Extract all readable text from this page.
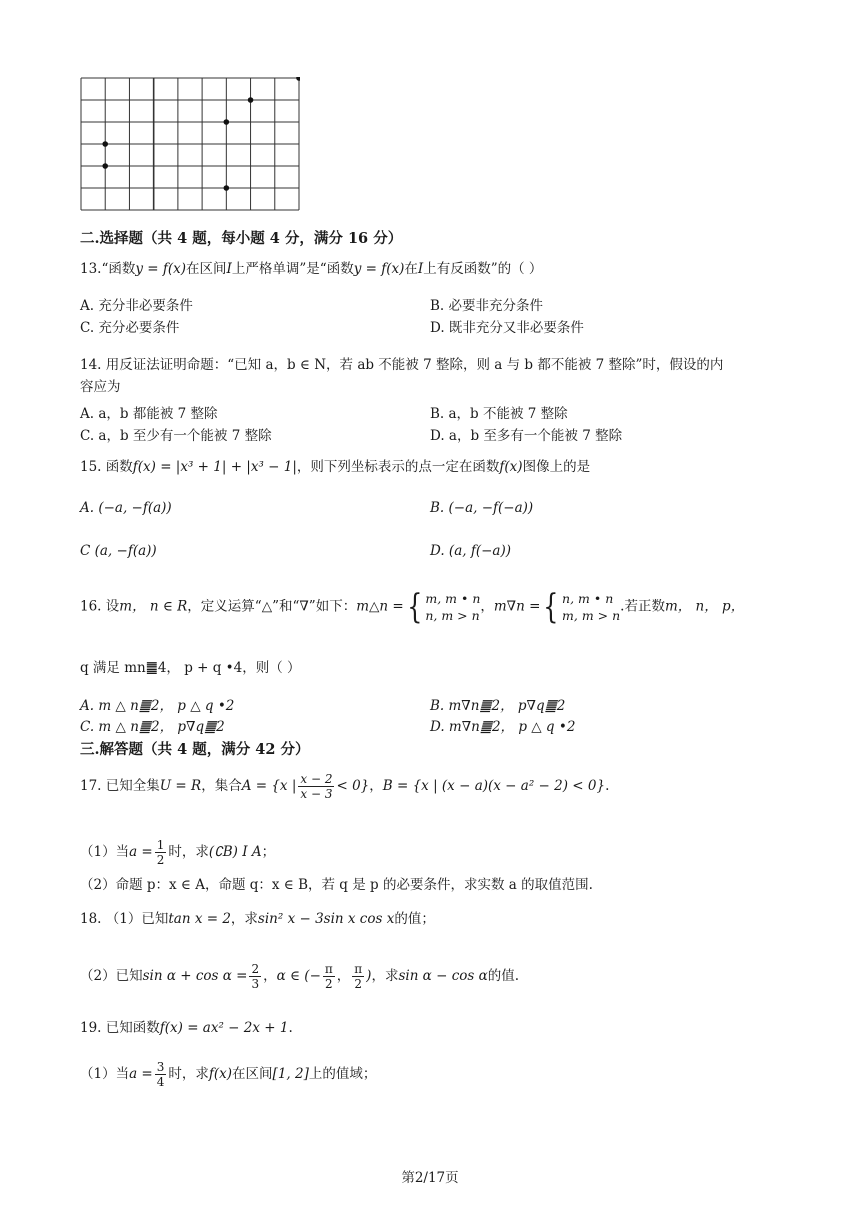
二.选择题（共 4 题，每小题 4 分，满分 16 分）
13.“函数y = f(x)在区间I上严格单调”是“函数y = f(x)在I上有反函数”的（ ）
A. 充分非必要条件	B. 必要非充分条件
C. 充分必要条件	D. 既非充分又非必要条件
14. 用反证法证明命题：“已知 a，b ∈ N，若 ab 不能被 7 整除，则 a 与 b 都不能被 7 整除”时，假设的内
容应为
A. a，b 都能被 7 整除	B. a，b 不能被 7 整除
C. a，b 至少有一个能被 7 整除	D. a，b 至多有一个能被 7 整除
15. 函数f(x) = |x³ + 1| + |x³ − 1|，则下列坐标表示的点一定在函数f(x)图像上的是
A. (−a, −f(a))	B. (−a, −f(−a))
C (a, −f(a))	D. (a, f(−a))
16. 设m， n ∈ R，定义运算“△”和“∇”如下：m△n ={ m, m • n
n, m > n
，m∇n ={ n, m • n
m, m > n
.若正数m， n， p，
q 满足 mn䷀4， p + q •4，则（ ）
A. m △ n䷀2， p △ q •2	B. m∇n䷀2， p∇q䷀2
C. m △ n䷀2， p∇q䷀2	D. m∇n䷀2， p △ q •2
三.解答题（共 4 题，满分 42 分）
17. 已知全集U = R，集合A = {x | $\frac{x - 2}{x - 3} < 0$}，B = {x | (x − a)(x − a² − 2) < 0}.
（1）当$a = \frac{1}{2}$ 时，求(∁B) I A；
（2）命题 p：x ∈ A，命题 q：x ∈ B，若 q 是 p 的必要条件，求实数 a 的取值范围.
18. （1）已知tan x = 2，求sin² x − 3sin x cos x的值；
（2）已知$\sin \alpha + \cos \alpha = \frac{2}{3}$ ，α ∈ (− $\frac{\pi}{2}$ ， $\frac{\pi}{2}$ )，求sin α − cos α的值.
19. 已知函数f(x) = ax² − 2x + 1.
（1）当$a = \frac{3}{4}$ 时，求f(x)在区间[1, 2]上的值域；
第2/17页
